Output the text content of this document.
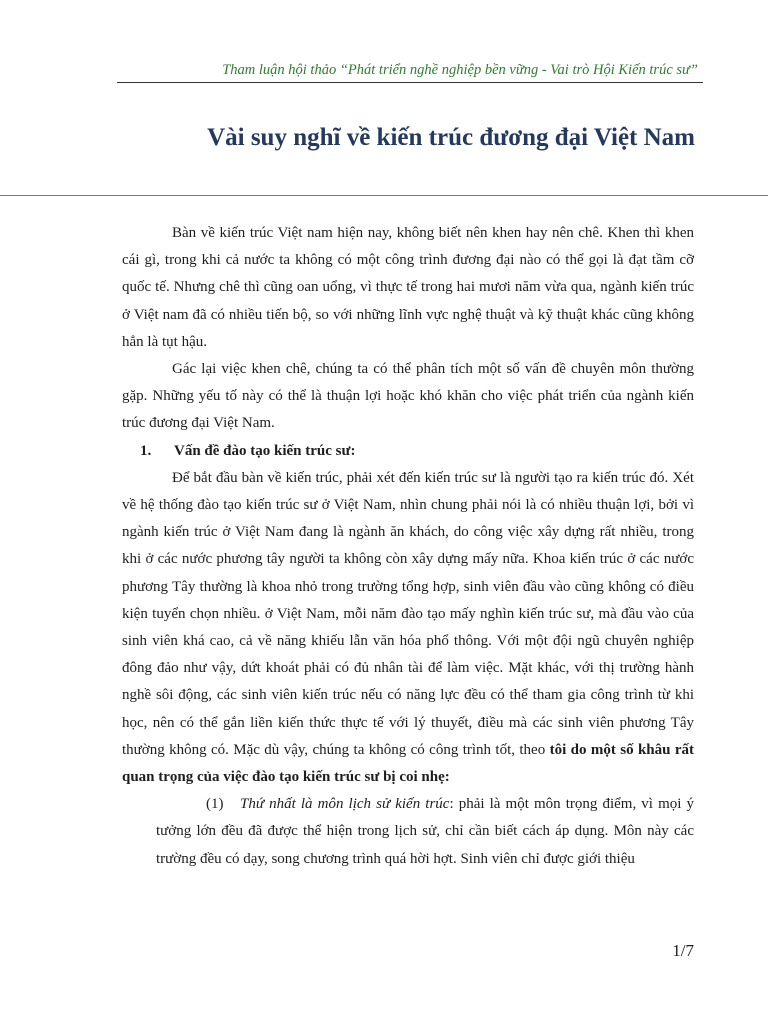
Tham luận hội thảo “Phát triển nghề nghiệp bền vững - Vai trò Hội Kiến trúc sư”
Vài suy nghĩ về kiến trúc đương đại Việt Nam

Bàn về kiến trúc Việt nam hiện nay, không biết nên khen hay nên chê. Khen thì khen cái gì, trong khi cả nước ta không có một công trình đương đại nào có thể gọi là đạt tầm cỡ quốc tế. Nhưng chê thì cũng oan uổng, vì thực tế trong hai mươi năm vừa qua, ngành kiến trúc ở Việt nam đã có nhiều tiến bộ, so với những lĩnh vực nghệ thuật và kỹ thuật khác cũng không hẳn là tụt hậu.

Gác lại việc khen chê, chúng ta có thể phân tích một số vấn đề chuyên môn thường gặp. Những yếu tố này có thể là thuận lợi hoặc khó khăn cho việc phát triển của ngành kiến trúc đương đại Việt Nam.

1. Vấn đề đào tạo kiến trúc sư:

Để bắt đầu bàn về kiến trúc, phải xét đến kiến trúc sư là người tạo ra kiến trúc đó. Xét về hệ thống đào tạo kiến trúc sư ở Việt Nam, nhìn chung phải nói là có nhiều thuận lợi, bởi vì ngành kiến trúc ở Việt Nam đang là ngành ăn khách, do công việc xây dựng rất nhiều, trong khi ở các nước phương tây người ta không còn xây dựng mấy nữa. Khoa kiến trúc ở các nước phương Tây thường là khoa nhỏ trong trường tổng hợp, sinh viên đầu vào cũng không có điều kiện tuyển chọn nhiều. ở Việt Nam, mỗi năm đào tạo mấy nghìn kiến trúc sư, mà đầu vào của sinh viên khá cao, cả về năng khiếu lẫn văn hóa phổ thông. Với một đội ngũ chuyên nghiệp đông đảo như vậy, dứt khoát phải có đủ nhân tài để làm việc. Mặt khác, với thị trường hành nghề sôi động, các sinh viên kiến trúc nếu có năng lực đều có thể tham gia công trình từ khi học, nên có thể gắn liền kiến thức thực tế với lý thuyết, điều mà các sinh viên phương Tây thường không có. Mặc dù vậy, chúng ta không có công trình tốt, theo tôi do một số khâu rất quan trọng của việc đào tạo kiến trúc sư bị coi nhẹ:

(1) Thứ nhất là môn lịch sử kiến trúc: phải là một môn trọng điểm, vì mọi ý tưởng lớn đều đã được thể hiện trong lịch sử, chỉ cần biết cách áp dụng. Môn này các trường đều có dạy, song chương trình quá hời hợt. Sinh viên chỉ được giới thiệu

1/7
